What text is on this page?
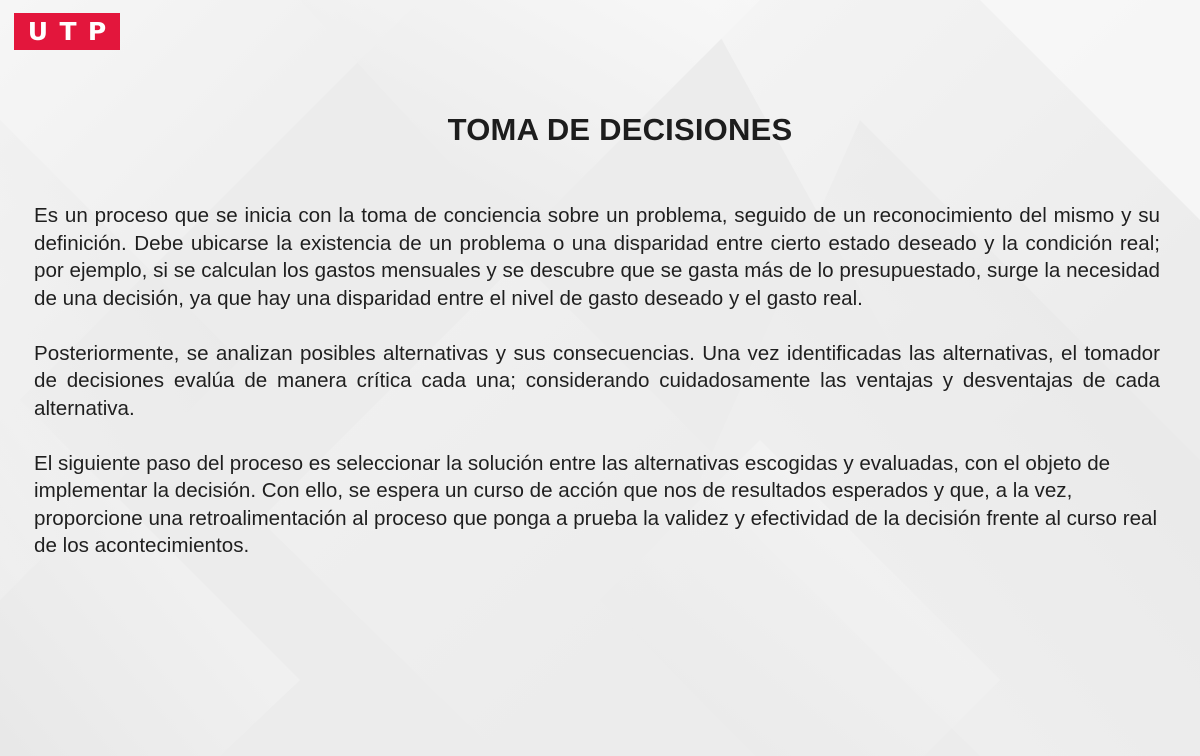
U T P
TOMA DE DECISIONES

Es un proceso que se inicia con la toma de conciencia sobre un problema, seguido de un reconocimiento del mismo y su definición. Debe ubicarse la existencia de un problema o una disparidad entre cierto estado deseado y la condición real; por ejemplo, si se calculan los gastos mensuales y se descubre que se gasta más de lo presupuestado, surge la necesidad de una decisión, ya que hay una disparidad entre el nivel de gasto deseado y el gasto real.

Posteriormente, se analizan posibles alternativas y sus consecuencias. Una vez identificadas las alternativas, el tomador de decisiones evalúa de manera crítica cada una; considerando cuidadosamente las ventajas y desventajas de cada alternativa.

El siguiente paso del proceso es seleccionar la solución entre las alternativas escogidas y evaluadas, con el objeto de implementar la decisión. Con ello, se espera un curso de acción que nos de resultados esperados y que, a la vez, proporcione una retroalimentación al proceso que ponga a prueba la validez y efectividad de la decisión frente al curso real de los acontecimientos.
